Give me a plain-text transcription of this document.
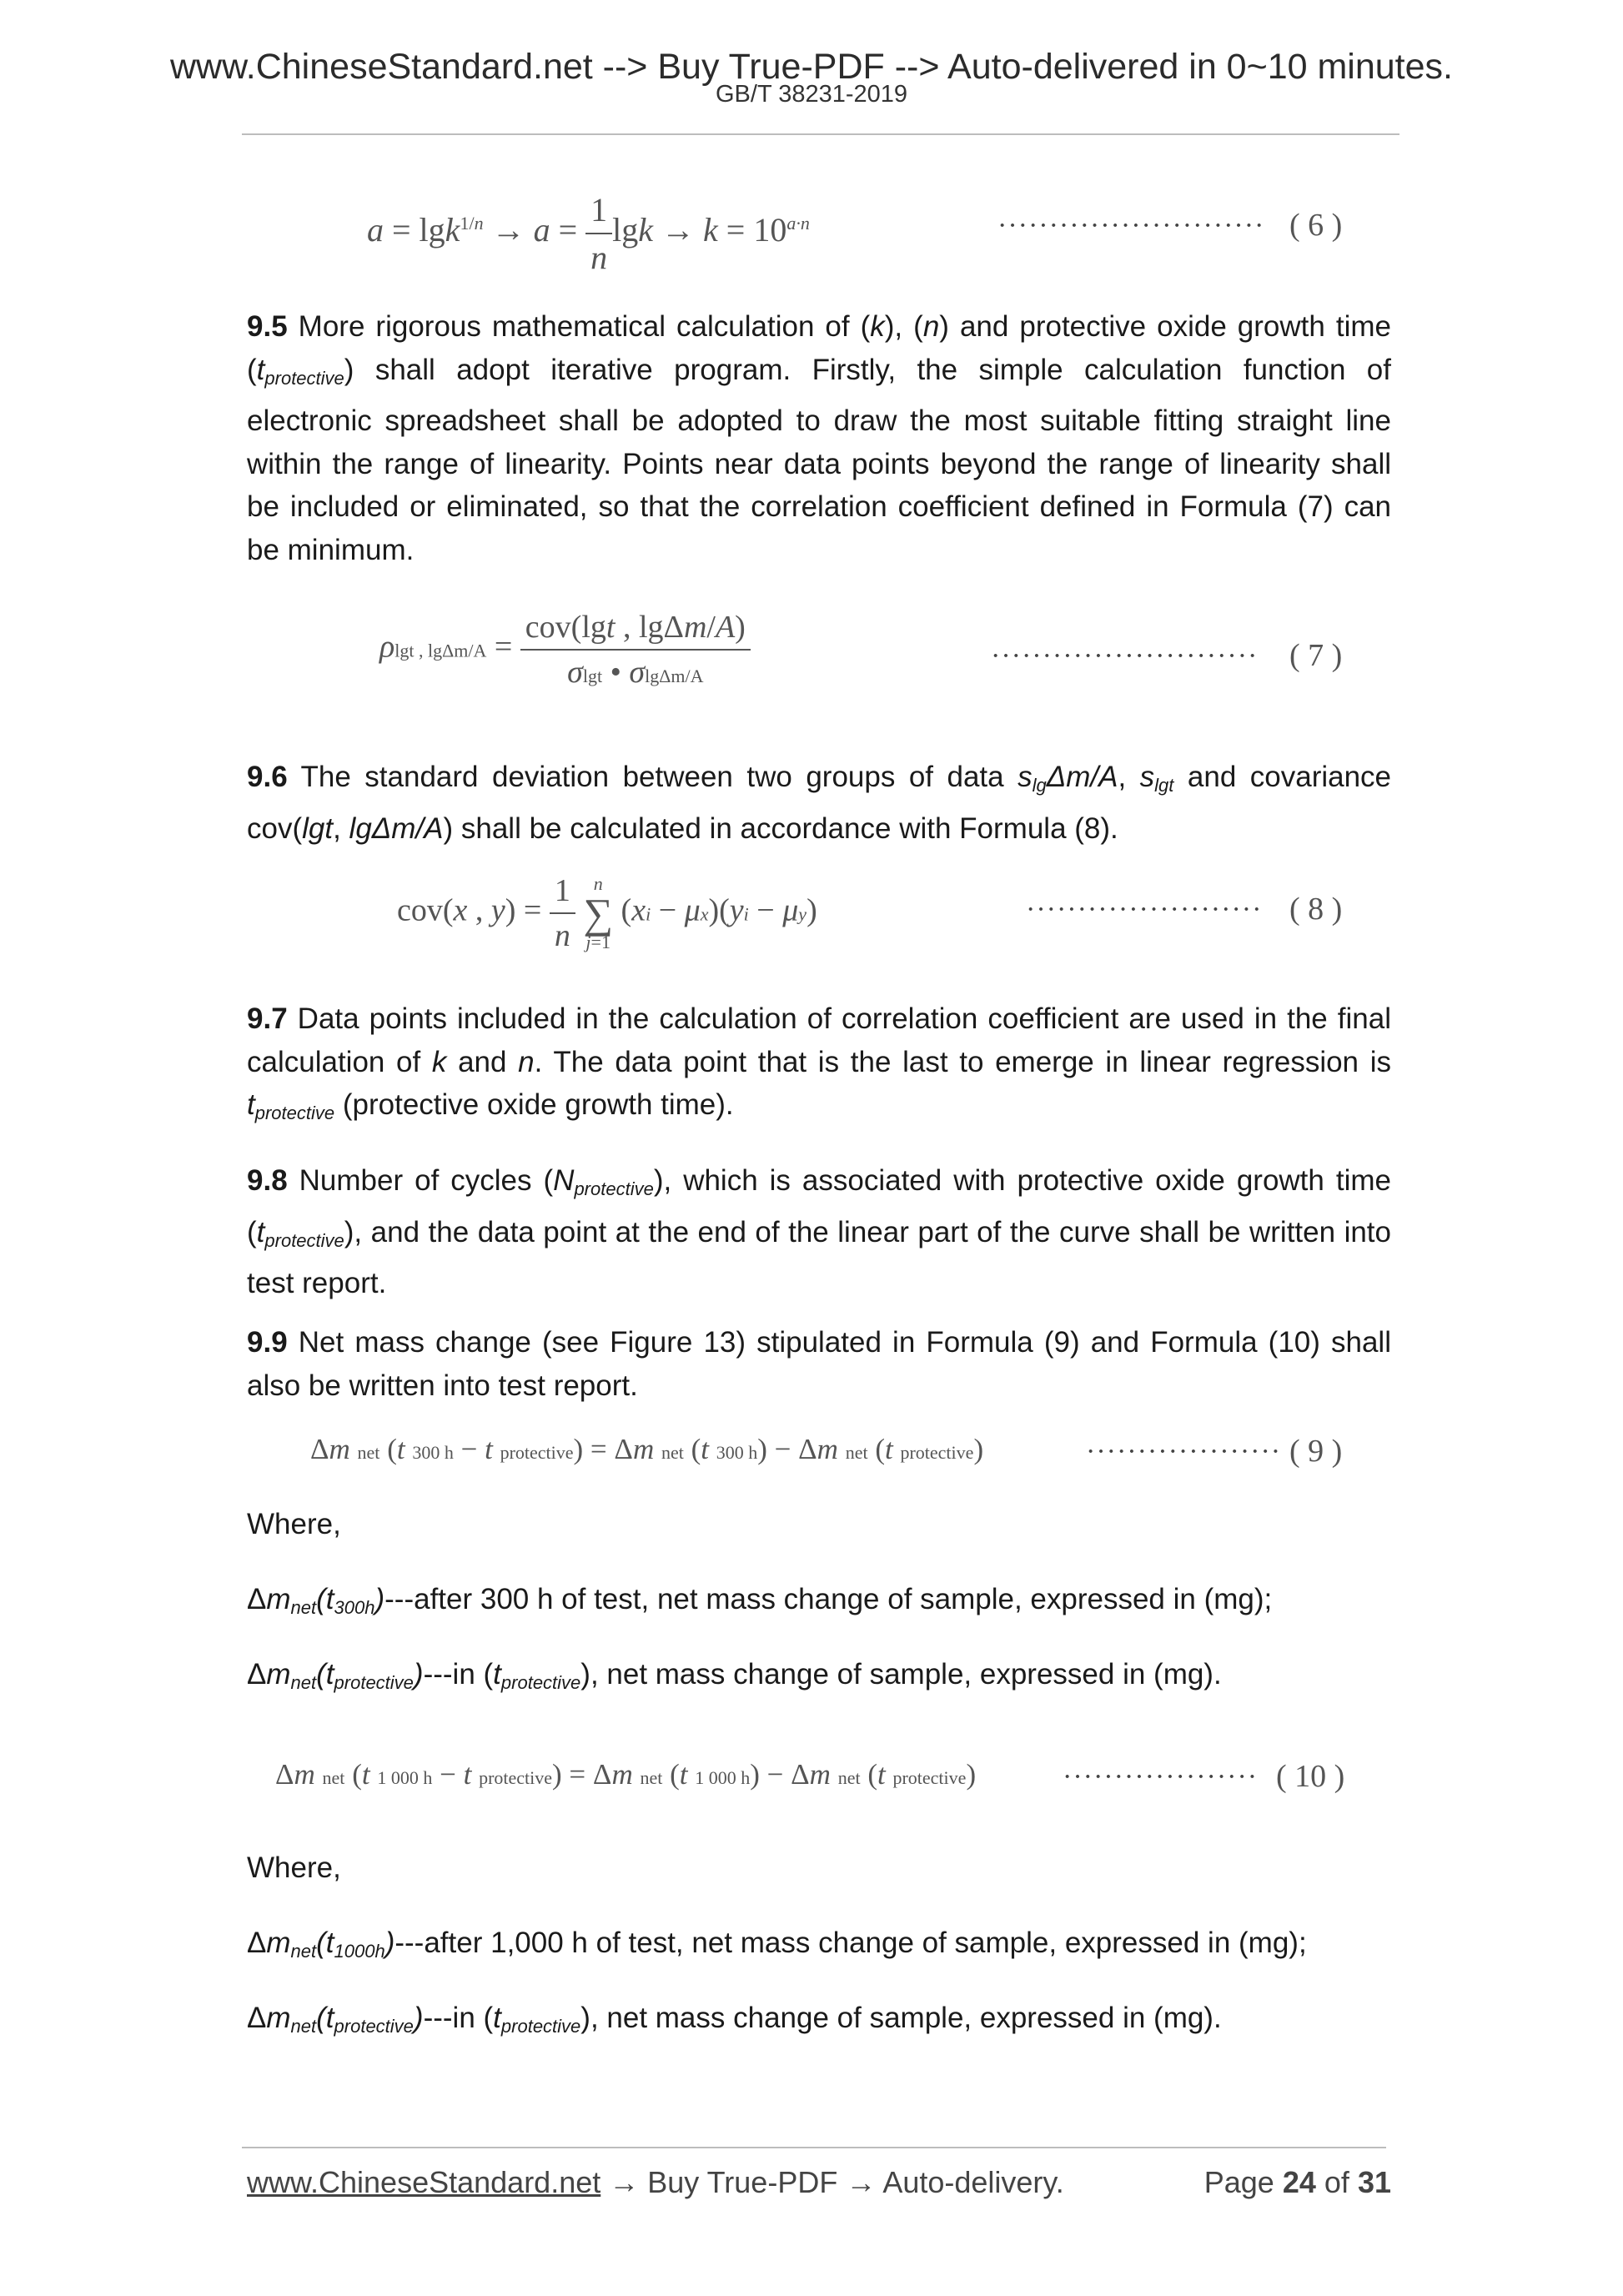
www.ChineseStandard.net --> Buy True-PDF --> Auto-delivered in 0~10 minutes.
GB/T 38231-2019
$a = \lg k^{1/n} \to a = \frac{1}{n}$ $\lg k \to k = 10^{a\cdot n}$	·························· ( 6 )
9.5 More rigorous mathematical calculation of (k), (n) and protective oxide growth time $(t_{protective})$ shall adopt iterative program. Firstly, the simple calculation function of electronic spreadsheet shall be adopted to draw the most suitable fitting straight line within the range of linearity. Points near data points beyond the range of linearity shall be included or eliminated, so that the correlation coefficient defined in Formula (7) can be minimum.
ρlgt , $\lg\Delta m/A = \frac{\text{cov(lgt , lgΔm/A)}}{\sigma\lg t • \sigma\lg\Delta m/A}$	·························· ( 7 )
9.6 The standard deviation between two groups of data $s_{lg}\Delta m/A$, $s_{lgt}$ and covariance cov(lgt, lgΔm/A) shall be calculated in accordance with Formula (8).
cov(x , $y) = \frac{1}{n}$ n
∑
j=1 (xi − μx)(yi − μy)	······················· ( 8 )
9.7 Data points included in the calculation of correlation coefficient are used in the final calculation of k and n. The data point that is the last to emerge in linear regression is $t_{protective}$ (protective oxide growth time).
9.8 Number of cycles $(N_{protective})$, which is associated with protective oxide growth time $(t_{protective})$, and the data point at the end of the linear part of the curve shall be written into test report.
9.9 Net mass change (see Figure 13) stipulated in Formula (9) and Formula (10) shall also be written into test report.
Δm net (t 300 h − t protective) = Δm net (t 300 h) − Δm net (t protective)	··················· ( 9 )
Where,
$\Delta m_{net}(t_{300h})--$-after 300 h of test, net mass change of sample, expressed in (mg);
$\Delta m_{net}(t_{protective})---in$ $(t_{protective})$, net mass change of sample, expressed in (mg).
Δm net (t 1 000 h − t protective) = Δm net (t 1 000 h) − Δm net (t protective)	··················· ( 10 )
Where,
$\Delta m_{net}(t_{1000h})--$-after 1,000 h of test, net mass change of sample, expressed in (mg);
$\Delta m_{net}(t_{protective})---in$ $(t_{protective})$, net mass change of sample, expressed in (mg).
www.ChineseStandard.net → Buy True-PDF → Auto-delivery.	Page 24 of 31
